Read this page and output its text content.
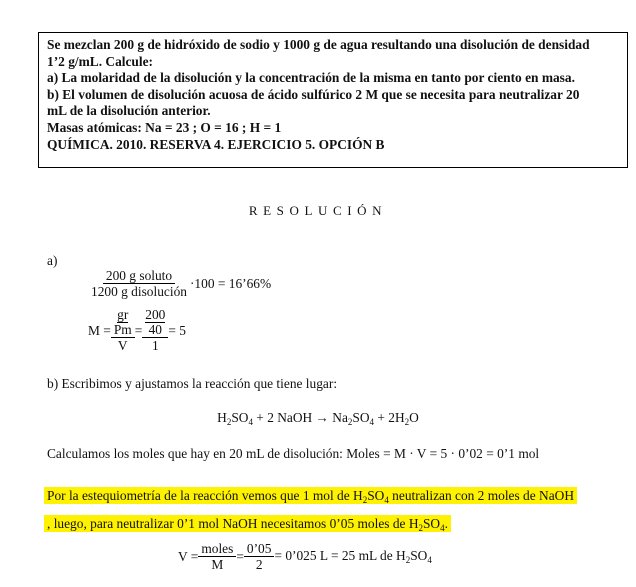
Se mezclan 200 g de hidróxido de sodio y 1000 g de agua resultando una disolución de densidad

1’2 g/mL. Calcule:

a) La molaridad de la disolución y la concentración de la misma en tanto por ciento en masa.

b) El volumen de disolución acuosa de ácido sulfúrico 2 M que se necesita para neutralizar 20

mL de la disolución anterior.

Masas atómicas: Na = 23 ; O = 16 ; H = 1

QUÍMICA. 2010. RESERVA 4. EJERCICIO 5. OPCIÓN B

RESOLUCIÓN
a)
$\frac{\text{200 g soluto}}{\text{1200 g disolución}} \cdot 100$ = 16’66%
$M = \frac{\frac{gr}{Pm}}{V} = \frac{\frac{200}{40}}{1} = 5$
b) Escribimos y ajustamos la reacción que tiene lugar:
$H_2SO_4 + 2$ NaOH → $Na_2SO_4 + 2H_2O$
Calculamos los moles que hay en 20 mL de disolución: Moles = M · V = 5 · 0’02 = 0’1 mol
Por la estequiometría de la reacción vemos que 1 mol de $H_2SO_4$ neutralizan con 2 moles de NaOH
, luego, para neutralizar 0’1 mol NaOH necesitamos 0’05 moles de $H_2SO_4$.
$V = \frac{\text{moles}}{M} = \frac{0’05}{2}$ = 0’025 L = 25 mL de $H_2SO_4$
